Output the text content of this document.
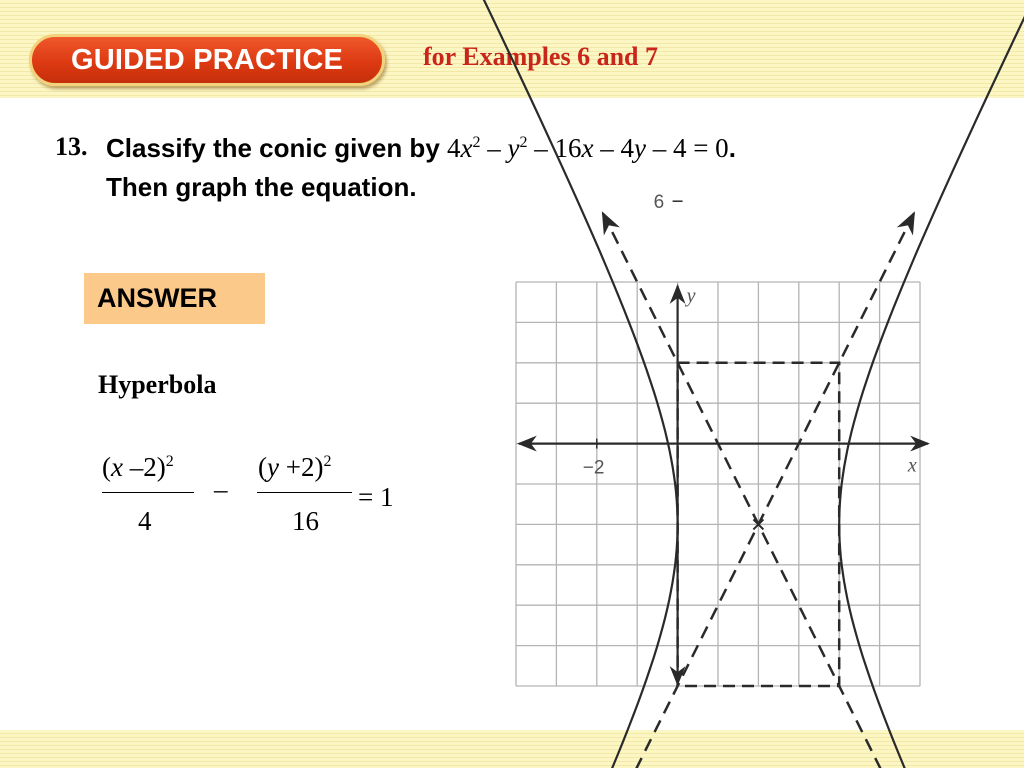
GUIDED PRACTICE	for Examples 6 and 7
13. Classify the conic given by $4x^2 - y^2 - 16x - 4y - 4 = 0$.
Then graph the equation.
ANSWER
Hyperbola
(x –2)$^2$
4
–
$(y +2)^2$
16
= 1
x
y
−2
6
